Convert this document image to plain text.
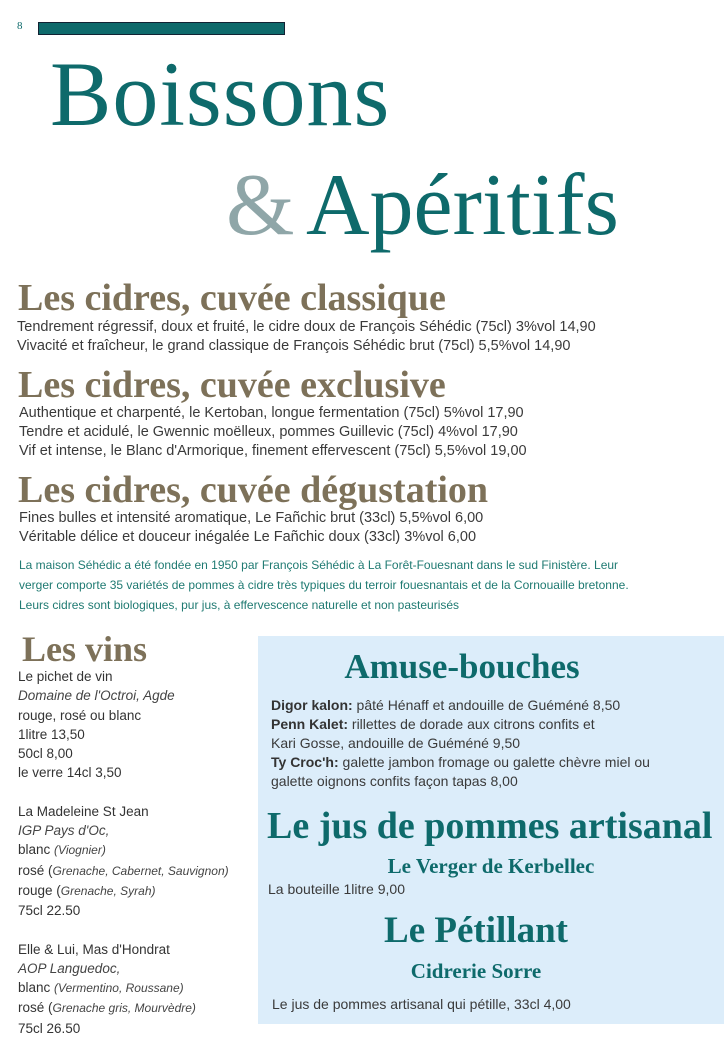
8
Boissons
& Apéritifs
Les cidres, cuvée classique
Tendrement régressif, doux et fruité, le cidre doux de François Séhédic (75cl) 3%vol 14,90
Vivacité et fraîcheur, le grand classique de François Séhédic brut (75cl) 5,5%vol 14,90
Les cidres, cuvée exclusive
Authentique et charpenté, le Kertoban, longue fermentation (75cl) 5%vol 17,90
Tendre et acidulé, le Gwennic moëlleux, pommes Guillevic (75cl) 4%vol 17,90
Vif et intense, le Blanc d'Armorique, finement effervescent (75cl) 5,5%vol 19,00
Les cidres, cuvée dégustation
Fines bulles et intensité aromatique, Le Fañchic brut (33cl) 5,5%vol 6,00
Véritable délice et douceur inégalée Le Fañchic doux (33cl) 3%vol 6,00
La maison Séhédic a été fondée en 1950 par François Séhédic à La Forêt-Fouesnant dans le sud Finistère. Leur
verger comporte 35 variétés de pommes à cidre très typiques du terroir fouesnantais et de la Cornouaille bretonne.
Leurs cidres sont biologiques, pur jus, à effervescence naturelle et non pasteurisés
Les vins
Le pichet de vin
Domaine de l'Octroi, Agde
rouge, rosé ou blanc
1litre 13,50
50cl 8,00
le verre 14cl 3,50
La Madeleine St Jean
IGP Pays d'Oc,
blanc (Viognier)
rosé (Grenache, Cabernet, Sauvignon)
rouge (Grenache, Syrah)
75cl 22.50
Elle & Lui, Mas d'Hondrat
AOP Languedoc,
blanc (Vermentino, Roussane)
rosé (Grenache gris, Mourvèdre)
75cl 26.50
Amuse-bouches
Digor kalon: pâté Hénaff et andouille de Guéméné 8,50
Penn Kalet: rillettes de dorade aux citrons confits et
Kari Gosse, andouille de Guéméné 9,50
Ty Croc'h: galette jambon fromage ou galette chèvre miel ou
galette oignons confits façon tapas 8,00
Le jus de pommes artisanal
Le Verger de Kerbellec
La bouteille 1litre 9,00
Le Pétillant
Cidrerie Sorre
Le jus de pommes artisanal qui pétille, 33cl 4,00
